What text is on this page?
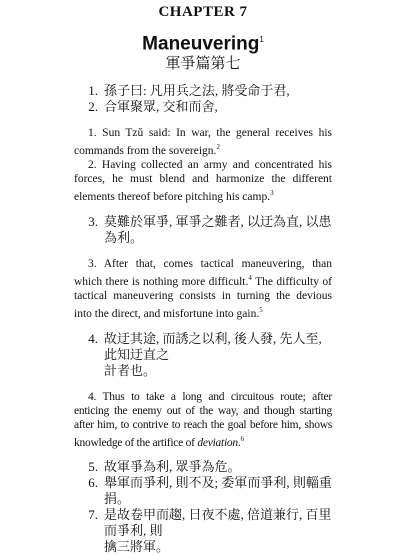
CHAPTER 7
Maneuvering$^1$
軍爭篇第七
1. 孫子曰: 凡用兵之法, 將受命于君,
2. 合軍聚眾, 交和而舍,

1. Sun Tzŭ said: In war, the general receives his commands from the sovereign.$^2$

2. Having collected an army and concentrated his forces, he must blend and harmonize the different elements thereof before pitching his camp.$^3$

3. 莫難於軍爭, 軍爭之難者, 以迂為直, 以患為利。

3. After that, comes tactical maneuvering, than which there is nothing more difficult.$^4$ The difficulty of tactical maneuvering consists in turning the devious into the direct, and misfortune into gain.$^5$

4. 故迂其途, 而誘之以利, 後人發, 先人至, 此知迂直之
計者也。

4. Thus to take a long and circuitous route; after enticing the enemy out of the way, and though starting after him, to contrive to reach the goal before him, shows knowledge of the artifice of deviation.$^6$

5. 故軍爭為利, 眾爭為危。
6. 舉軍而爭利, 則不及; 委軍而爭利, 則輜重捐。
7. 是故卷甲而趨, 日夜不處, 倍道兼行, 百里而爭利, 則
擒三將軍。
